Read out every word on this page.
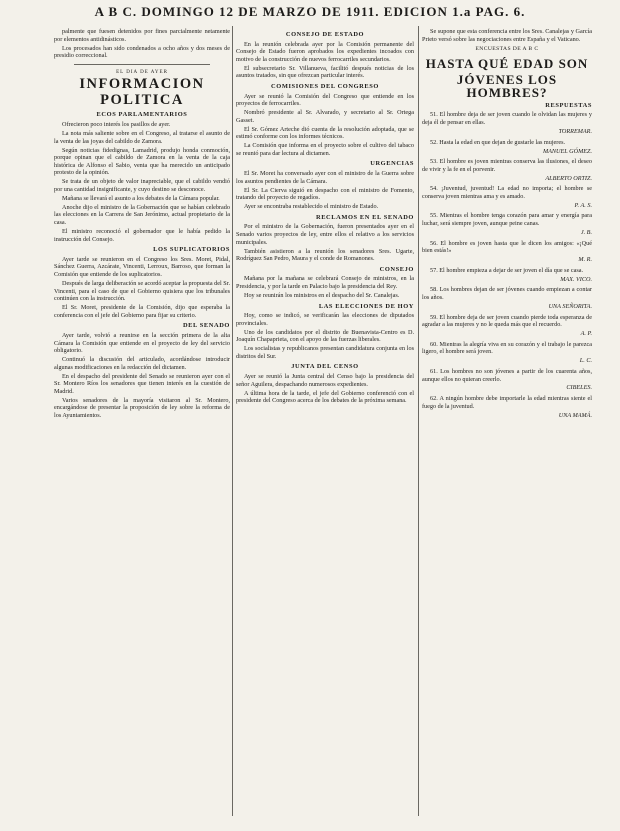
A B C. DOMINGO 12 DE MARZO DE 1911. EDICION 1.a PAG. 6.

palmente que fuesen detenidos por fines parcialmente netamente por elementos antidinásticos.

Los procesados han sido condenados a ocho años y dos meses de presidio correccional.

EL DIA DE AYER
INFORMACION
POLITICA
ECOS PARLAMENTARIOS

Ofrecieron poco interés los pasillos de ayer.

La nota más saliente sobre en el Congreso, al tratarse el asunto de la venta de las joyas del cabildo de Zamora.

Según noticias fidedignas, Lamadrid, produjo honda conmoción, porque opinan que el cabildo de Zamora en la venta de la caja histórica de Alfonso el Sabio, venta que ha merecido un anticipado protesto de la opinión.

Se trata de un objeto de valor inapreciable, que el cabildo vendió por una cantidad insignificante, y cuyo destino se desconoce.

Mañana se llevará el asunto a los debates de la Cámara popular.

Anoche dijo el ministro de la Gobernación que se habían celebrado las elecciones en la Carrera de San Jerónimo, actual propietario de la casa.

El ministro reconoció el gobernador que le había pedido la instrucción del Consejo.

LOS SUPLICATORIOS

Ayer tarde se reunieron en el Congreso los Sres. Moret, Pidal, Sánchez Guerra, Azcárate, Vincenti, Lerroux, Barroso, que forman la Comisión que entiende de los suplicatorios.

Después de larga deliberación se acordó aceptar la propuesta del Sr. Vincenti, para el caso de que el Gobierno quisiera que los tribunales continúen con la instrucción.

El Sr. Moret, presidente de la Comisión, dijo que esperaba la conferencia con el jefe del Gobierno para fijar su criterio.

DEL SENADO

Ayer tarde, volvió a reunirse en la sección primera de la alta Cámara la Comisión que entiende en el proyecto de ley del servicio obligatorio.

Continuó la discusión del articulado, acordándose introducir algunas modificaciones en la redacción del dictamen.

En el despacho del presidente del Senado se reunieron ayer con el Sr. Montero Ríos los senadores que tienen interés en la cuestión de Madrid.

Varios senadores de la mayoría visitaron al Sr. Montero, encargándose de presentar la proposición de ley sobre la reforma de los Ayuntamientos.

CONSEJO DE ESTADO

En la reunión celebrada ayer por la Comisión permanente del Consejo de Estado fueron aprobados los expedientes incoados con motivo de la construcción de nuevos ferrocarriles secundarios.

El subsecretario Sr. Villanueva, facilitó después noticias de los asuntos tratados, sin que ofrezcan particular interés.

COMISIONES DEL CONGRESO

Ayer se reunió la Comisión del Congreso que entiende en los proyectos de ferrocarriles.

Nombró presidente al Sr. Alvarado, y secretario al Sr. Ortega Gasset.

El Sr. Gómez Arteche dió cuenta de la resolución adoptada, que se estimó conforme con los informes técnicos.

La Comisión que informa en el proyecto sobre el cultivo del tabaco se reunió para dar lectura al dictamen.

URGENCIAS

El Sr. Moret ha conversado ayer con el ministro de la Guerra sobre los asuntos pendientes de la Cámara.

El Sr. La Cierva siguió en despacho con el ministro de Fomento, tratando del proyecto de regadíos.

Ayer se encontraba restablecido el ministro de Estado.

RECLAMOS EN EL SENADO

Por el ministro de la Gobernación, fueron presentados ayer en el Senado varios proyectos de ley, entre ellos el relativo a los servicios municipales.

También asistieron a la reunión los senadores Sres. Ugarte, Rodríguez San Pedro, Maura y el conde de Romanones.

CONSEJO

Mañana por la mañana se celebrará Consejo de ministros, en la Presidencia, y por la tarde en Palacio bajo la presidencia del Rey.

Hoy se reunirán los ministros en el despacho del Sr. Canalejas.

LAS ELECCIONES DE HOY

Hoy, como se indicó, se verificarán las elecciones de diputados provinciales.

Uno de los candidatos por el distrito de Buenavista-Centro es D. Joaquín Chapaprieta, con el apoyo de las fuerzas liberales.

Los socialistas y republicanos presentan candidatura conjunta en los distritos del Sur.

JUNTA DEL CENSO

Ayer se reunió la Junta central del Censo bajo la presidencia del señor Aguilera, despachando numerosos expedientes.

A última hora de la tarde, el jefe del Gobierno conferenció con el presidente del Congreso acerca de los debates de la próxima semana.

Se supone que esta conferencia entre los Sres. Canalejas y García Prieto versó sobre las negociaciones entre España y el Vaticano.

ENCUESTAS DE A B C
HASTA QUÉ EDAD SON
JÓVENES LOS HOMBRES?
RESPUESTAS

51. El hombre deja de ser joven cuando le olvidan las mujeres y deja él de pensar en ellas.

TORREMAR.

52. Hasta la edad en que dejan de gustarle las mujeres.

MANUEL GÓMEZ.

53. El hombre es joven mientras conserva las ilusiones, el deseo de vivir y la fe en el porvenir.

ALBERTO ORTIZ.

54. ¡Juventud, juventud! La edad no importa; el hombre se conserva joven mientras ama y es amado.

P. A. S.

55. Mientras el hombre tenga corazón para amar y energía para luchar, será siempre joven, aunque peine canas.

J. B.

56. El hombre es joven hasta que le dicen los amigos: «¡Qué bien estás!»

M. R.

57. El hombre empieza a dejar de ser joven el día que se casa.

MAX. VICO.

58. Los hombres dejan de ser jóvenes cuando empiezan a contar los años.

UNA SEÑORITA.

59. El hombre deja de ser joven cuando pierde toda esperanza de agradar a las mujeres y no le queda más que el recuerdo.

A. P.

60. Mientras la alegría viva en su corazón y el trabajo le parezca ligero, el hombre será joven.

L. C.

61. Los hombres no son jóvenes a partir de los cuarenta años, aunque ellos no quieran creerlo.

CIBELES.

62. A ningún hombre debe importarle la edad mientras siente el fuego de la juventud.

UNA MAMÁ.
